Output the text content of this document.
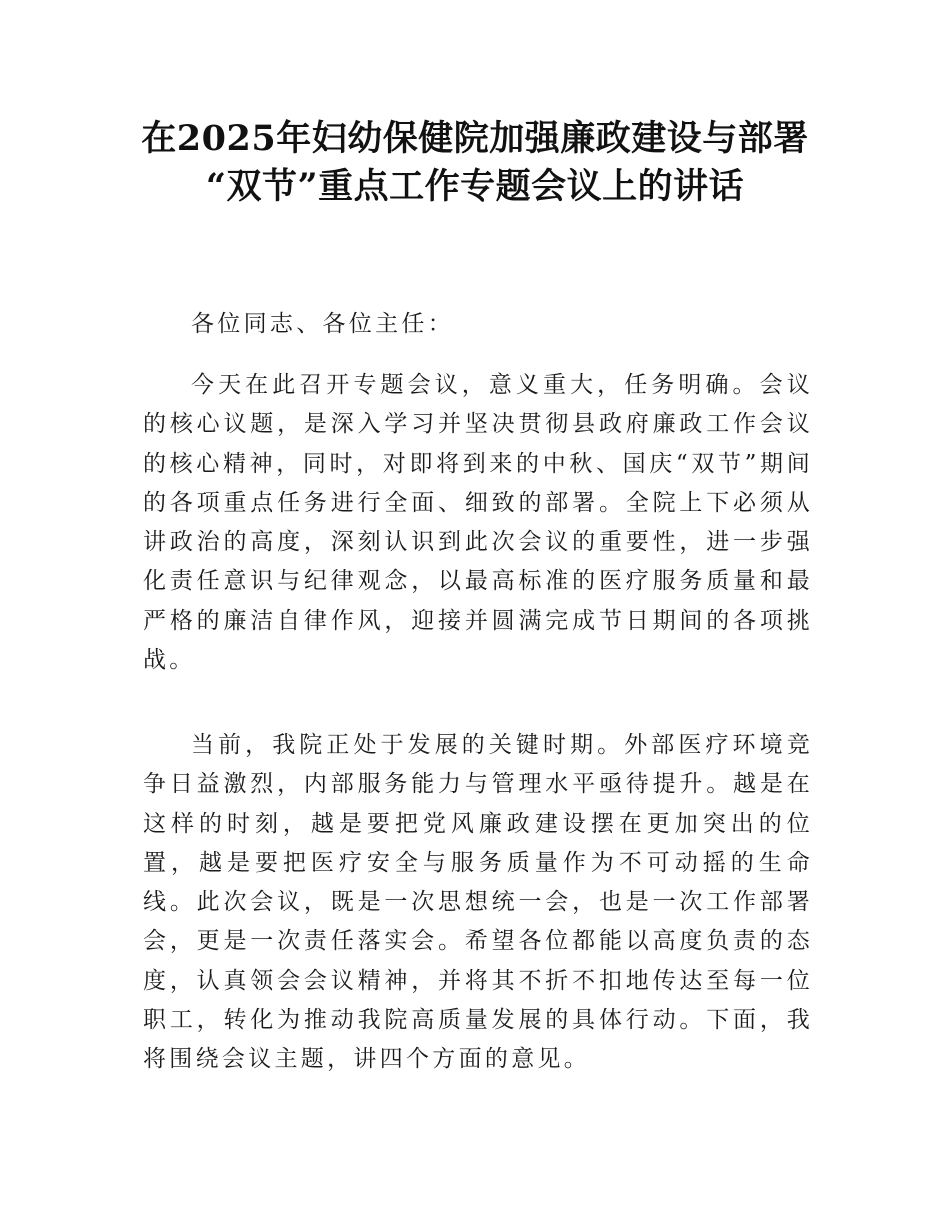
在2025年妇幼保健院加强廉政建设与部署
“双节”重点工作专题会议上的讲话

各位同志、各位主任：

今天在此召开专题会议，意义重大，任务明确。会议的核心议题，是深入学习并坚决贯彻县政府廉政工作会议的核心精神，同时，对即将到来的中秋、国庆“双节”期间的各项重点任务进行全面、细致的部署。全院上下必须从讲政治的高度，深刻认识到此次会议的重要性，进一步强化责任意识与纪律观念，以最高标准的医疗服务质量和最严格的廉洁自律作风，迎接并圆满完成节日期间的各项挑战。

当前，我院正处于发展的关键时期。外部医疗环境竞争日益激烈，内部服务能力与管理水平亟待提升。越是在这样的时刻，越是要把党风廉政建设摆在更加突出的位置，越是要把医疗安全与服务质量作为不可动摇的生命线。此次会议，既是一次思想统一会，也是一次工作部署会，更是一次责任落实会。希望各位都能以高度负责的态度，认真领会会议精神，并将其不折不扣地传达至每一位职工，转化为推动我院高质量发展的具体行动。下面，我将围绕会议主题，讲四个方面的意见。
